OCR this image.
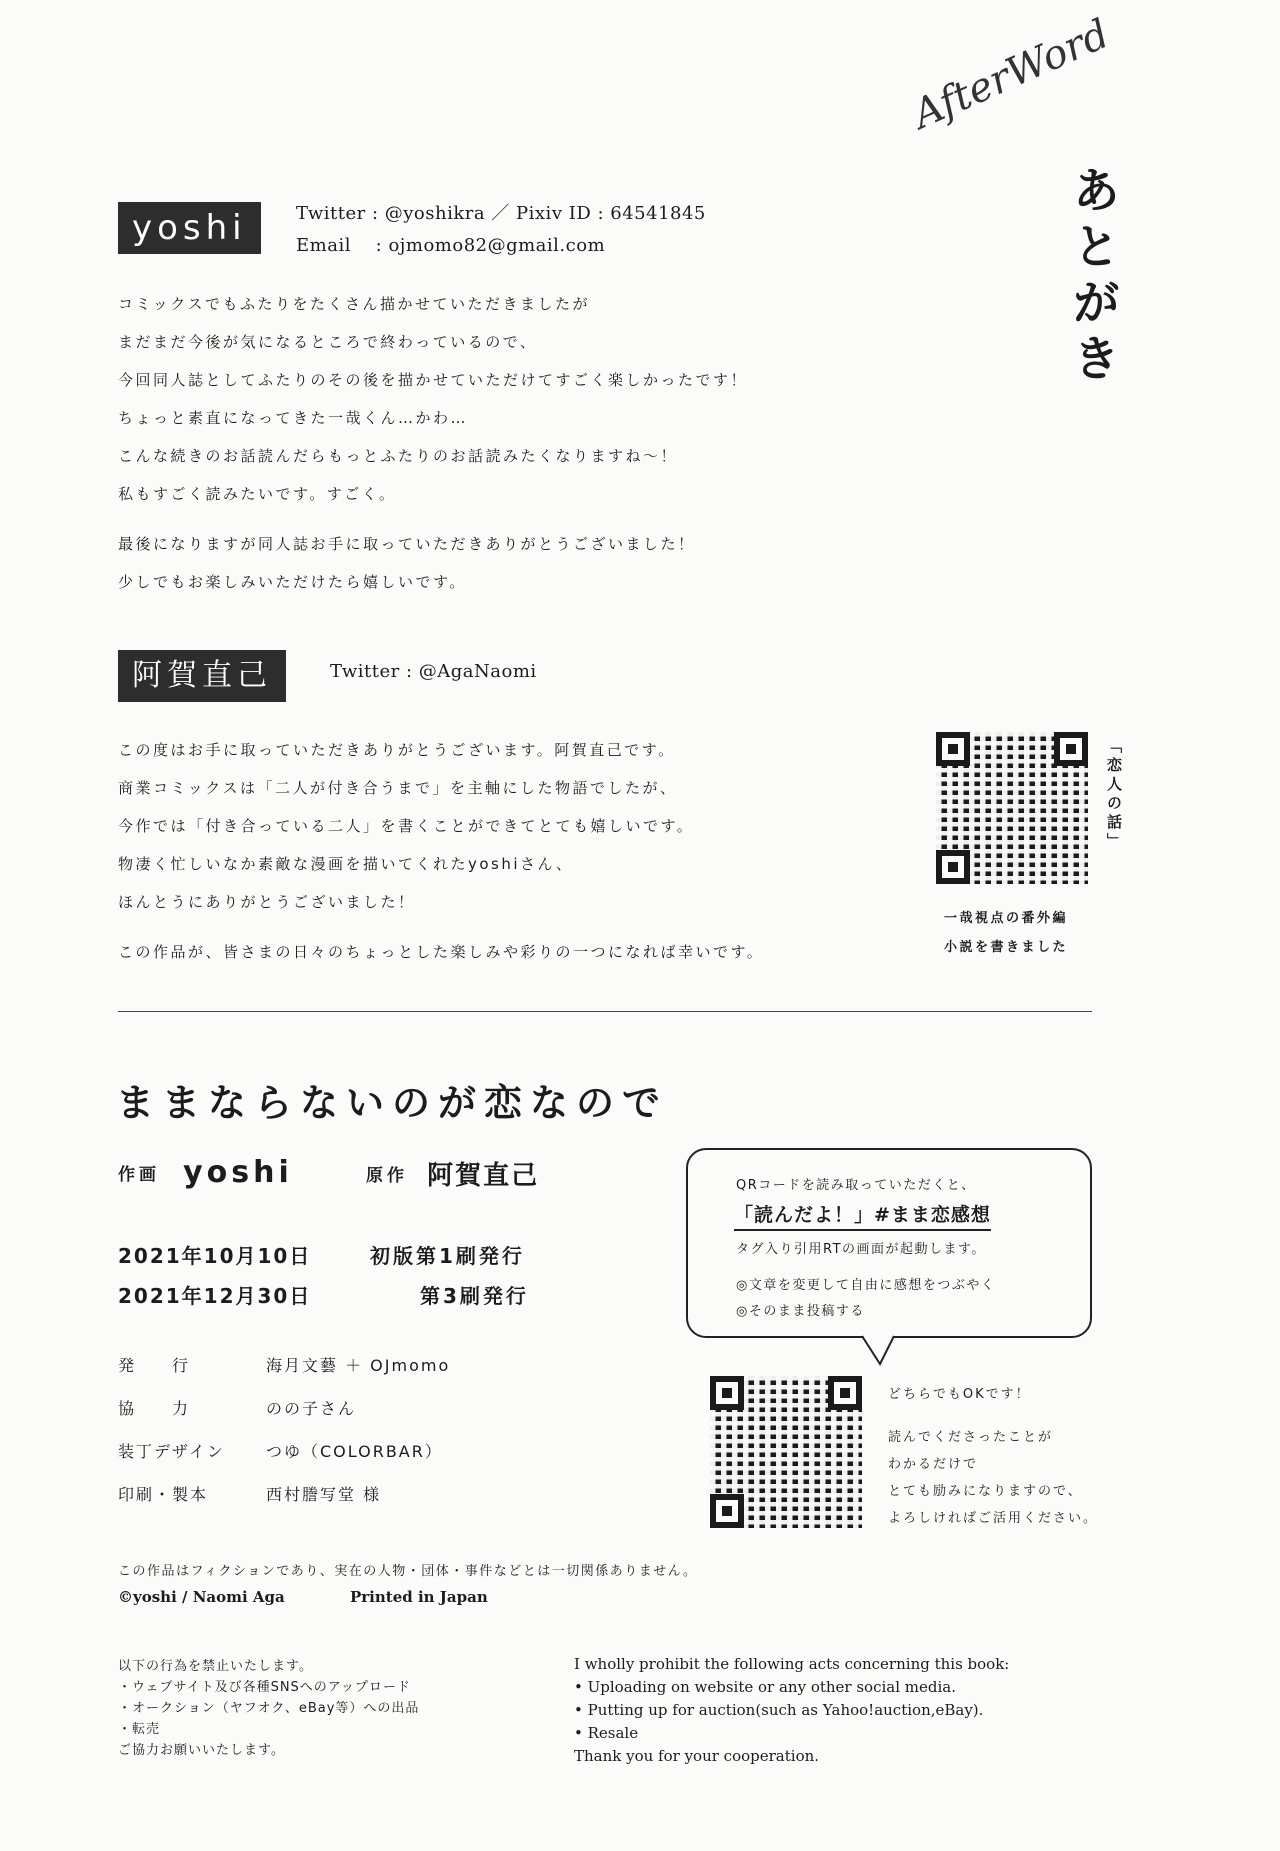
AfterWord
あとがき
yoshi	Twitter : @yoshikra ／ Pixiv ID : 64541845
Email　 : ojmomo82@gmail.com
コミックスでもふたりをたくさん描かせていただきましたが
まだまだ今後が気になるところで終わっているので、
今回同人誌としてふたりのその後を描かせていただけてすごく楽しかったです！
ちょっと素直になってきた一哉くん…かわ…
こんな続きのお話読んだらもっとふたりのお話読みたくなりますね～！
私もすごく読みたいです。すごく。
最後になりますが同人誌お手に取っていただきありがとうございました！
少しでもお楽しみいただけたら嬉しいです。
阿賀直己	Twitter : @AgaNaomi
この度はお手に取っていただきありがとうございます。阿賀直己です。
商業コミックスは「二人が付き合うまで」を主軸にした物語でしたが、
今作では「付き合っている二人」を書くことができてとても嬉しいです。
物凄く忙しいなか素敵な漫画を描いてくれたyoshiさん、
ほんとうにありがとうございました！
この作品が、皆さまの日々のちょっとした楽しみや彩りの一つになれば幸いです。
「恋人の話」
一哉視点の番外編
小説を書きました
ままならないのが恋なので
作画 yoshi	原作 阿賀直己
2021年10月10日	初版第1刷発行
2021年12月30日	第3刷発行
発　　行	海月文藝 ＋ OJmomo
協　　力	のの子さん
装丁デザイン	つゆ（COLORBAR）
印刷・製本	西村謄写堂 様
QRコードを読み取っていただくと、
「読んだよ！」#まま恋感想
タグ入り引用RTの画面が起動します。
◎文章を変更して自由に感想をつぶやく
◎そのまま投稿する
どちらでもOKです！
読んでくださったことが
わかるだけで
とても励みになりますので、
よろしければご活用ください。
この作品はフィクションであり、実在の人物・団体・事件などとは一切関係ありません。
©yoshi / Naomi Aga	Printed in Japan
以下の行為を禁止いたします。
・ウェブサイト及び各種SNSへのアップロード
・オークション（ヤフオク、eBay等）への出品
・転売
ご協力お願いいたします。
I wholly prohibit the following acts concerning this book:
• Uploading on website or any other social media.
• Putting up for auction(such as Yahoo!auction,eBay).
• Resale
Thank you for your cooperation.
